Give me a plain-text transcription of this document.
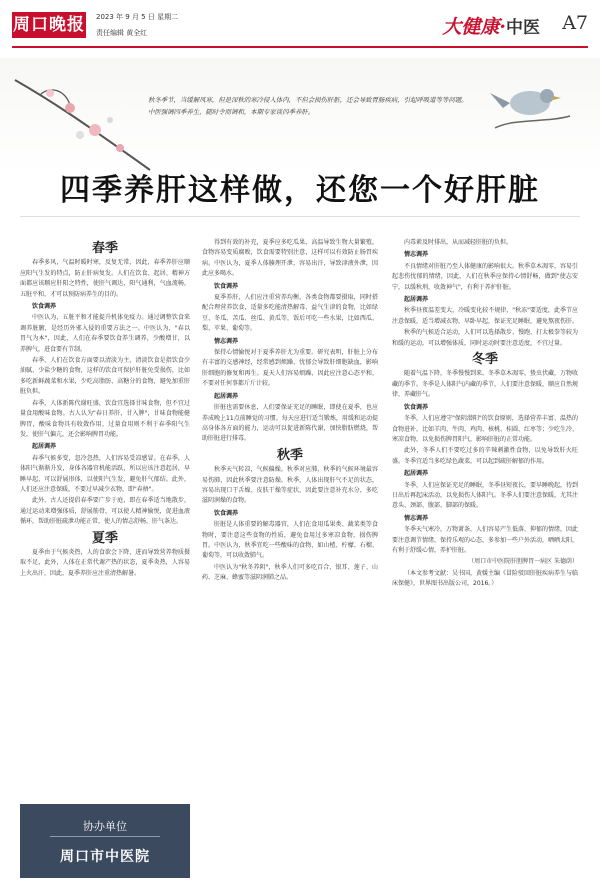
周口晚报 2023 年 9 月 5 日 星期二
责任编辑 黄全红	大健康·中医 A7
秋冬季节，当缓解风寒，但是深秋的寒冷侵入体内，不但会损伤肝脏，还会导致胃肠疾病，引起呼吸道等等问题。中医强调四季养生，随时令而调和，本期专家谈四季养肝。
四季养肝这样做，还您一个好肝脏
春季

春季多风，气温时暖时寒，反复无常，因此，春季养肝应顺应阳气生发的特点，防止肝病复发。人们在饮食、起居、精神方面都应该顺应肝阳之特性，使肝气调达，阳气通利，气血流畅，五脏平和，才可以预防病养生的目的。

饮食调养

中医认为，五脏平和才能提升机体免疫力。通过调整饮食来调养脏腑，是经历外邪入侵的重要方法之一。中医认为，"春以胃气为本"，因此，人们在春季要饮食养生调养，少酸增甘，以养脾气，进食要有节制。

春季，人们在饮食方面要以清淡为主，清淡饮食是指饮食少油腻、少盐少糖的食物，这样的饮食可保护肝脏免受损伤，比如多吃新鲜蔬菜和水果，少吃高脂肪、高糖分的食物，避免加重肝脏负担。

春季，人体新陈代谢旺盛，饮食宜选择甘味食物，但不宜过量食用酸味食物。古人认为"春日养肝，甘入脾"，甘味食物能健脾胃，酸味食物具有收敛作用，过量食用则不利于春季阳气生发，使肝气偏亢，还会影响脾胃功能。

起居调养

春季气候多变，忽冷忽热，人们容易受凉感冒。在春季，人体阳气渐渐升发，身体各器官机能活跃，所以应该注意起居，早睡早起，可以舒展形体，以使阳气生发，避免肝气郁结。此外，人们还应注意保暖，不要过早减少衣物，即"春捂"。

此外，古人还提倡春季要广步于庭，即在春季适当地散步，通过运动来增强体质，舒展筋骨，可以使人精神愉悦，促进血液循环，帮助肝脏疏泄功能正常，使人的情志舒畅，肝气条达。

夏季

夏季由于气候炎热，人的食欲会下降，进而导致营养物质摄取不足，此外，人体在正常代谢产热的状态，夏季炎热，人容易上火出汗，因此，夏季养肝应注重清热解暑。

得到有效的补充，夏季应多吃瓜果，高温导致生物大量繁殖，食物容易变质腐败，饮食需要特别注意，这样可以有效防止肠胃疾病。中医认为，夏季人体腠理开泄，容易出汗，导致津液外泄，因此应多喝水。

饮食调养

夏季养肝，人们应注重营养均衡，各类食物都要摄取，同时搭配合理营养饮食，适量多吃能清热解毒、益气生津的食物，比如绿豆、冬瓜、苦瓜、丝瓜、黄瓜等，饭后可吃一些水果，比如西瓜、梨、苹果、葡萄等。

情志调养

保持心情愉悦对于夏季养肝尤为重要。研究表明，肝脏上分布有丰富的交感神经，经常感到烦躁、忧郁会导致肝细胞缺血，影响肝细胞的修复和再生。夏天人们容易烦躁，因此应注意心态平和，不要对任何事都斤斤计较。

起居调养

肝脏也需要休息，人们要保证充足的睡眠，即使在夏季，也应养成晚上11点前睡觉的习惯。每天应进行适当锻炼，用缓和运动提高身体各方面的能力，运动可以促进新陈代谢，加快脂肪燃烧，帮助肝脏进行排毒。

秋季

秋季天气转凉，气候偏燥。秋季对应肺，秋季的气候环境最容易伤肺，因此秋季要注意防燥。秋季，人体出现肝气不足的状态，容易出现口干舌燥、皮肤干燥等症状，因此要注意补充水分，多吃滋阴润燥的食物。

饮食调养

肝脏是人体重要的解毒器官，人们在食用瓜果类、蔬菜类等食物时，要注意这些食物的性质，避免食用过多寒凉食物，损伤脾胃。中医认为，秋季宜吃一些酸味的食物，如山楂、柠檬、石榴、葡萄等，可以收敛肺气。

中医认为"秋冬养阴"，秋季人们可多吃百合、银耳、莲子、山药、芝麻、蜂蜜等滋阴润肺之品。

内毒素及时排出，从而减轻肝脏的负担。

情志调养

不良情绪对肝脏乃至人体健康的影响很大。秋季草木凋零，容易引起悲伤忧郁的情绪，因此，人们在秋季应保持心情舒畅，做到"使志安宁，以缓秋刑，收敛神气"，有利于养护肝脏。

起居调养

秋季昼夜温差变大，冷暖变化较不规律，"秋冻"要适度，此季节应注意保暖，适当增减衣物，早卧早起，保证充足睡眠，避免熬夜伤肝。

秋季的气候适合运动，人们可以选择散步、慢跑、打太极拳等较为和缓的运动，可以增强体质，同时运动时要注意适度，不宜过量。

冬季

随着气温下降，冬季慢慢到来。冬季草木凋零，蛰虫伏藏，万物收藏的季节。冬季是人体阳气内藏的季节，人们要注意保暖，顺应自然规律，养藏肝气。

饮食调养

冬季，人们应遵守"保阴潜阳"的饮食原则，选择营养丰富、温热的食物进补，比如羊肉、牛肉、鸡肉、核桃、桂圆、红枣等；少吃生冷、寒凉食物，以免损伤脾胃阳气，影响肝脏的正常功能。

此外，冬季人们不要吃过多的辛辣刺激性食物，以免导致肝火旺盛。冬季宜适当多吃绿色蔬菜，可以起到疏肝解郁的作用。

起居调养

冬季，人们应保证充足的睡眠，冬季昼短夜长，要早睡晚起，待到日出后再起床活动，以免损伤人体阳气。冬季人们要注意保暖，尤其注意头、颈部、腹部、脚部的保暖。

情志调养

冬季天气寒冷，万物萧条，人们容易产生低落、抑郁的情绪，因此要注意调节情绪，保持乐观的心态，多参加一些户外活动，晒晒太阳，有利于舒缓心情，养护肝脏。

（周口市中医院肝胆脾胃一病区 朱德荫）

（本文参考文献：吴书国，黄媛主编《冒险驳回肝脏疾病养生与临床保健》，世界图书出版公司，2016。）

协办单位
周口市中医院
